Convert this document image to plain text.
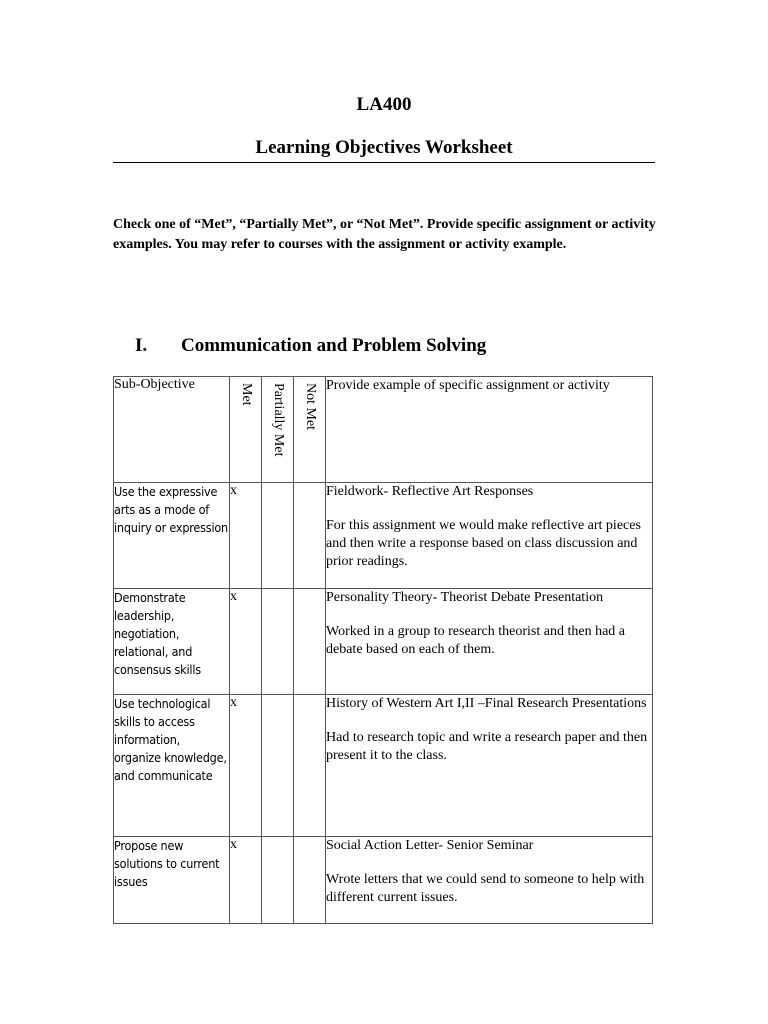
LA400
Learning Objectives Worksheet
Check one of “Met”, “Partially Met”, or “Not Met”. Provide specific assignment or activity examples. You may refer to courses with the assignment or activity example.
I. Communication and Problem Solving
Sub-Objective	Met	Partially Met	Not Met	Provide example of specific assignment or activity
Use the expressive arts as a mode of inquiry or expression	x			Fieldwork- Reflective Art Responses

For this assignment we would make reflective art pieces and then write a response based on class discussion and prior readings.

Demonstrate leadership, negotiation, relational, and consensus skills	x			Personality Theory- Theorist Debate Presentation

Worked in a group to research theorist and then had a debate based on each of them.

Use technological skills to access information, organize knowledge, and communicate	x			History of Western Art I,II –Final Research Presentations

Had to research topic and write a research paper and then present it to the class.

Propose new solutions to current issues	x			Social Action Letter- Senior Seminar

Wrote letters that we could send to someone to help with different current issues.
